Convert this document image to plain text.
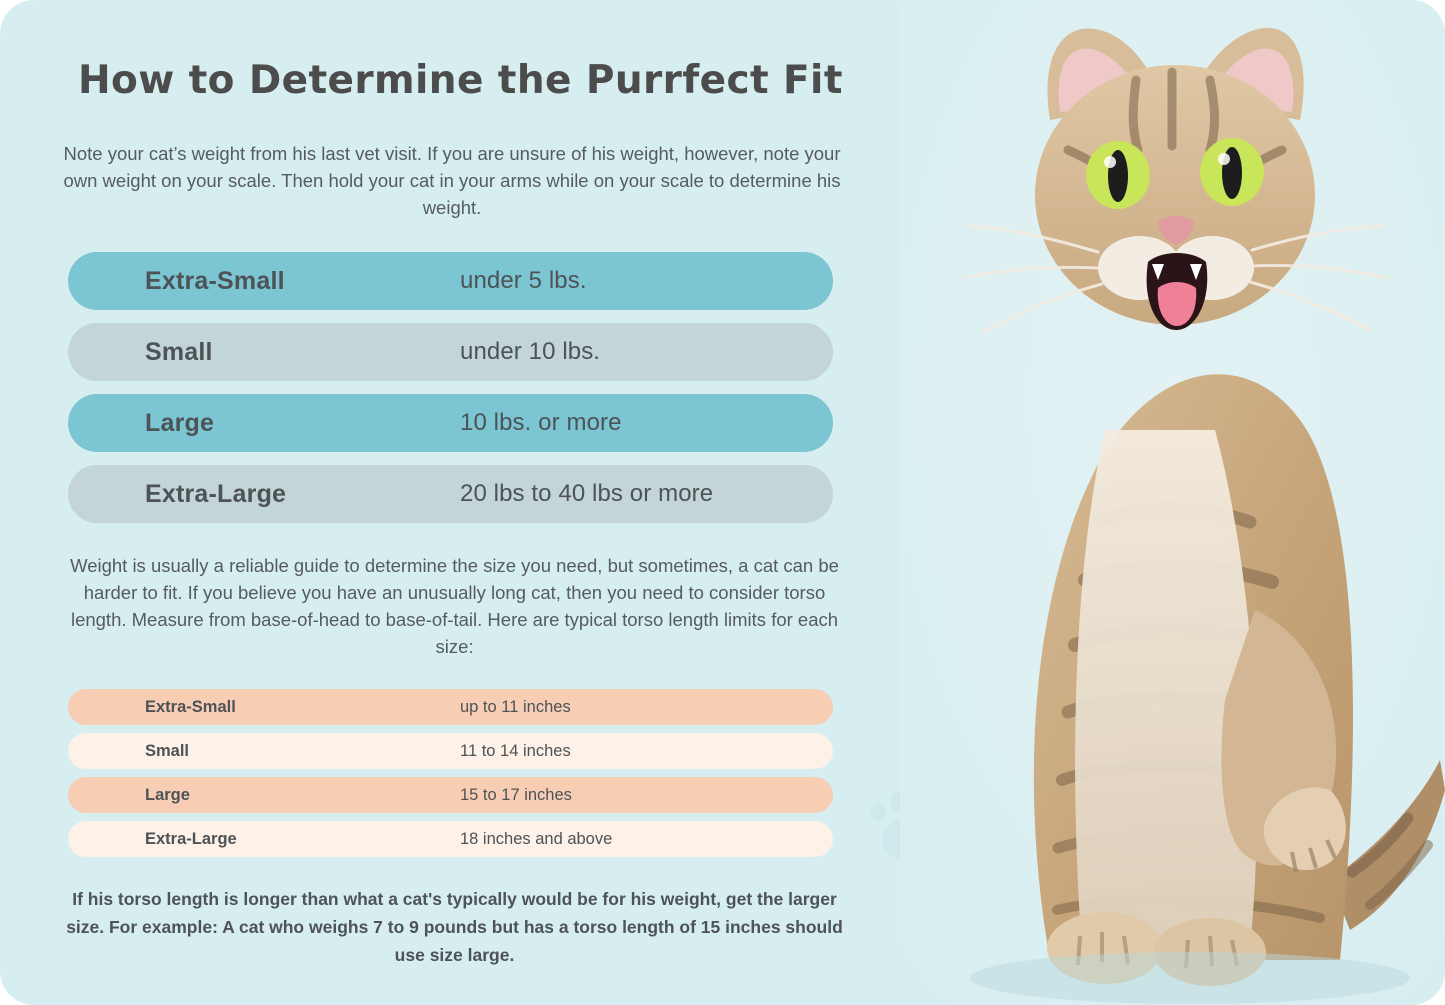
How to Determine the Purrfect Fit
Note your cat’s weight from his last vet visit. If you are unsure of his weight, however, note your own weight on your scale. Then hold your cat in your arms while on your scale to determine his weight.
Extra-Small	under 5 lbs.
Small	under 10 lbs.
Large	10 lbs. or more
Extra-Large	20 lbs to 40 lbs or more
Weight is usually a reliable guide to determine the size you need, but sometimes, a cat can be harder to fit. If you believe you have an unusually long cat, then you need to consider torso length. Measure from base-of-head to base-of-tail. Here are typical torso length limits for each size:
Extra-Small	up to 11 inches
Small	11 to 14 inches
Large	15 to 17 inches
Extra-Large	18 inches and above
If his torso length is longer than what a cat's typically would be for his weight, get the larger size. For example: A cat who weighs 7 to 9 pounds but has a torso length of 15 inches should use size large.
